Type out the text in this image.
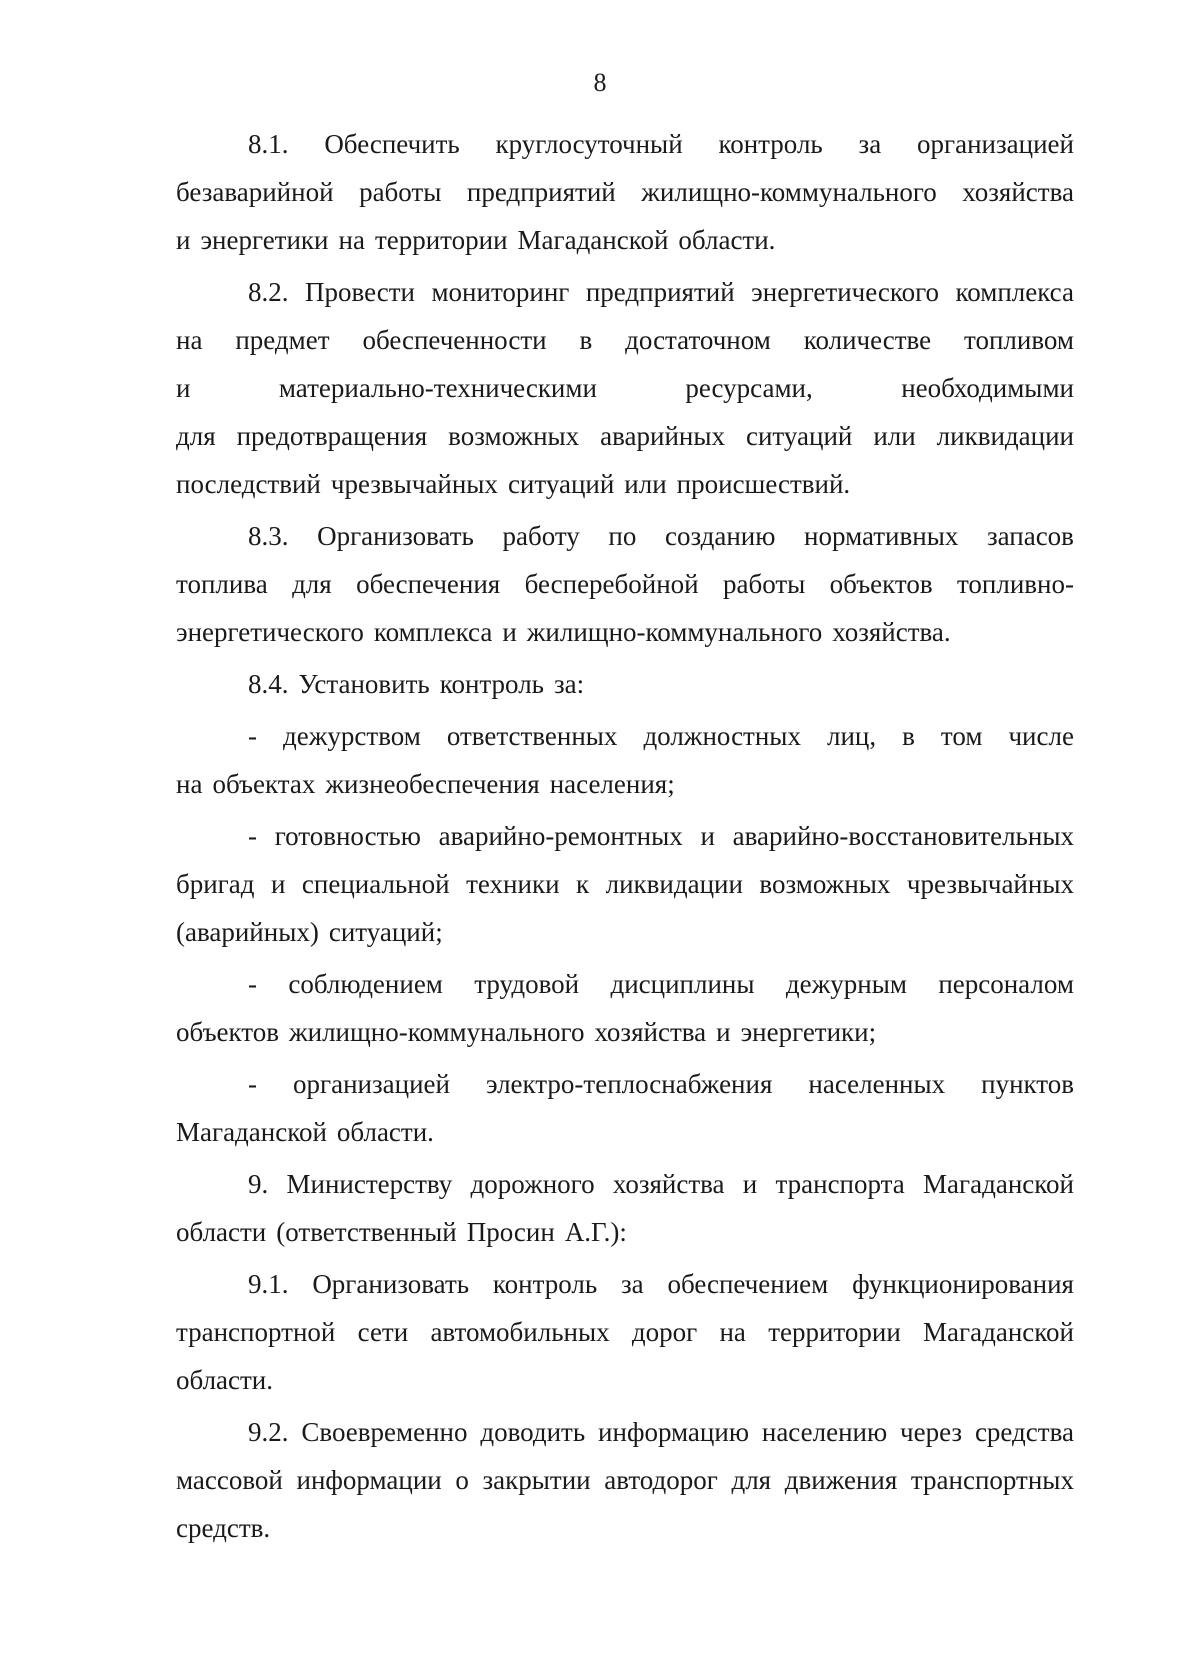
8
8.1. Обеспечить круглосуточный контроль за организацией
безаварийной работы предприятий жилищно-коммунального хозяйства
и энергетики на территории Магаданской области.
8.2. Провести мониторинг предприятий энергетического комплекса
на предмет обеспеченности в достаточном количестве топливом
и	материально-техническими	ресурсами,	необходимыми
для предотвращения возможных аварийных ситуаций или ликвидации
последствий чрезвычайных ситуаций или происшествий.
8.3. Организовать работу по созданию нормативных запасов
топлива для обеспечения бесперебойной работы объектов топливно-
энергетического комплекса и жилищно-коммунального хозяйства.
8.4. Установить контроль за:
- дежурством ответственных должностных лиц, в том числе
на объектах жизнеобеспечения населения;
- готовностью аварийно-ремонтных и аварийно-восстановительных
бригад и специальной техники к ликвидации возможных чрезвычайных
(аварийных) ситуаций;
- соблюдением трудовой дисциплины дежурным персоналом
объектов жилищно-коммунального хозяйства и энергетики;
- организацией электро-теплоснабжения населенных пунктов
Магаданской области.
9. Министерству дорожного хозяйства и транспорта Магаданской
области (ответственный Просин А.Г.):
9.1. Организовать контроль за обеспечением функционирования
транспортной сети автомобильных дорог на территории Магаданской
области.
9.2. Своевременно доводить информацию населению через средства
массовой информации о закрытии автодорог для движения транспортных
средств.
